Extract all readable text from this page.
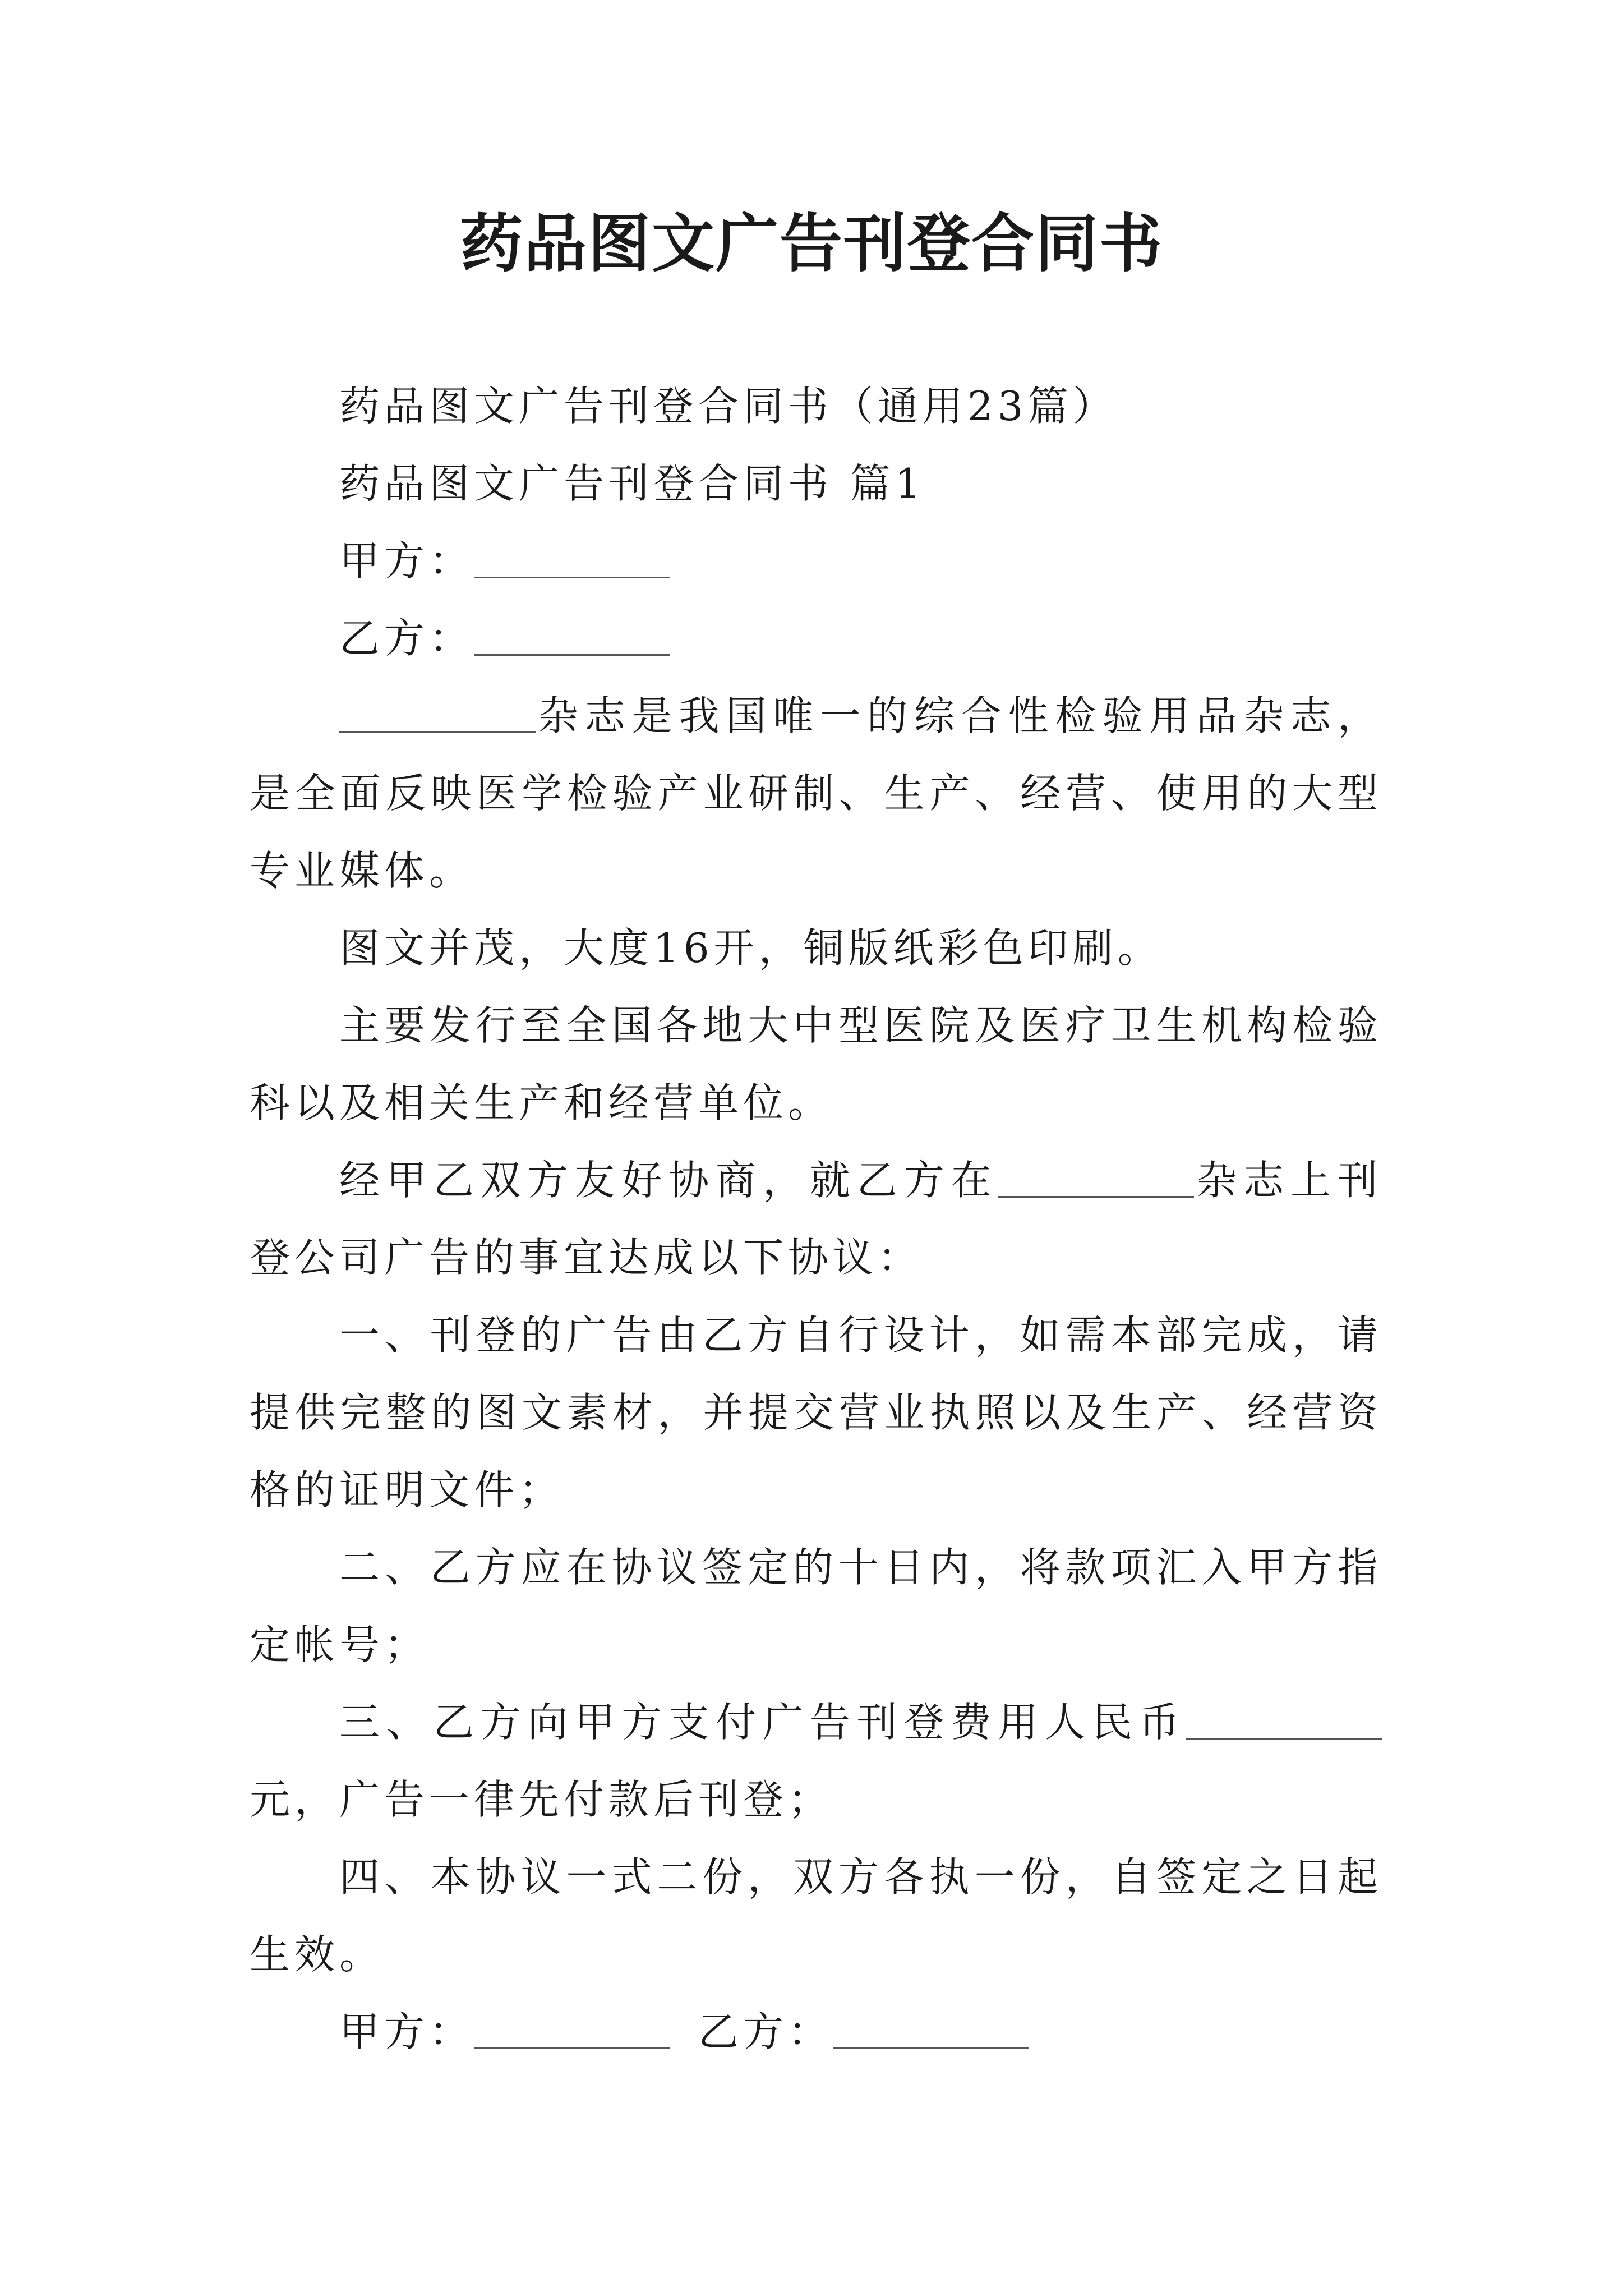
药品图文广告刊登合同书

药品图文广告刊登合同书（通用23篇）

药品图文广告刊登合同书 篇1

甲方：

乙方：

杂志是我国唯一的综合性检验用品杂志，是全面反映医学检验产业研制、生产、经营、使用的大型专业媒体。

图文并茂，大度16开，铜版纸彩色印刷。

主要发行至全国各地大中型医院及医疗卫生机构检验科以及相关生产和经营单位。

经甲乙双方友好协商，就乙方在	杂志上刊登公司广告的事宜达成以下协议：

一、刊登的广告由乙方自行设计，如需本部完成，请提供完整的图文素材，并提交营业执照以及生产、经营资格的证明文件；

二、乙方应在协议签定的十日内，将款项汇入甲方指定帐号；

三、乙方向甲方支付广告刊登费用人民币元，广告一律先付款后刊登；

四、本协议一式二份，双方各执一份，自签定之日起生效。

甲方：	乙方：
